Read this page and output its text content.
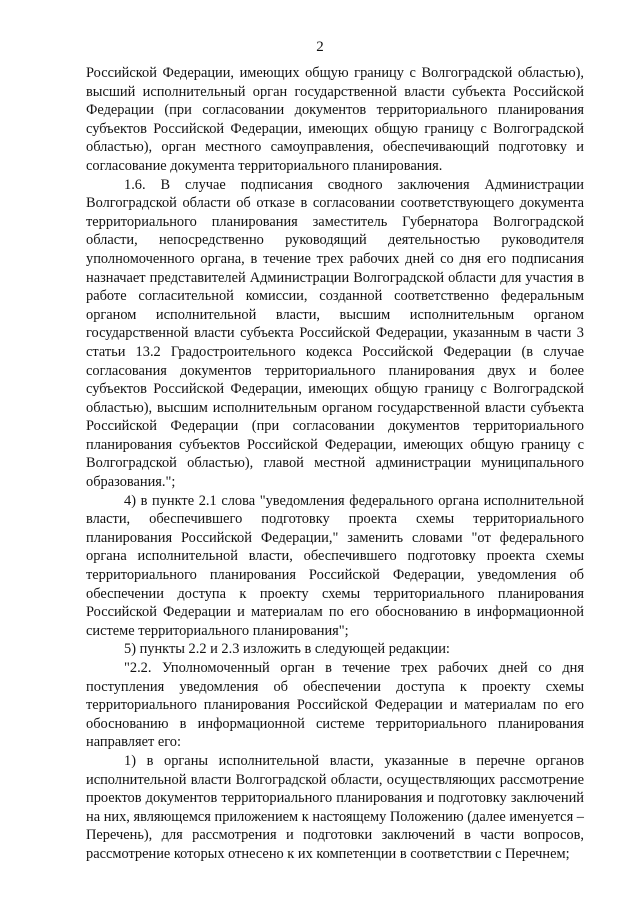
2

Российской Федерации, имеющих общую границу с Волгоградской областью), высший исполнительный орган государственной власти субъекта Российской Федерации (при согласовании документов территориального планирования субъектов Российской Федерации, имеющих общую границу с Волгоградской областью), орган местного самоуправления, обеспечивающий подготовку и согласование документа территориального планирования.

1.6. В случае подписания сводного заключения Администрации Волгоградской области об отказе в согласовании соответствующего документа территориального планирования заместитель Губернатора Волгоградской области, непосредственно руководящий деятельностью руководителя уполномоченного органа, в течение трех рабочих дней со дня его подписания назначает представителей Администрации Волгоградской области для участия в работе согласительной комиссии, созданной соответственно федеральным органом исполнительной власти, высшим исполнительным органом государственной власти субъекта Российской Федерации, указанным в части 3 статьи 13.2 Градостроительного кодекса Российской Федерации (в случае согласования документов территориального планирования двух и более субъектов Российской Федерации, имеющих общую границу с Волгоградской областью), высшим исполнительным органом государственной власти субъекта Российской Федерации (при согласовании документов территориального планирования субъектов Российской Федерации, имеющих общую границу с Волгоградской областью), главой местной администрации муниципального образования.";

4) в пункте 2.1 слова "уведомления федерального органа исполнительной власти, обеспечившего подготовку проекта схемы территориального планирования Российской Федерации," заменить словами "от федерального органа исполнительной власти, обеспечившего подготовку проекта схемы территориального планирования Российской Федерации, уведомления об обеспечении доступа к проекту схемы территориального планирования Российской Федерации и материалам по его обоснованию в информационной системе территориального планирования";

5) пункты 2.2 и 2.3 изложить в следующей редакции:

"2.2. Уполномоченный орган в течение трех рабочих дней со дня поступления уведомления об обеспечении доступа к проекту схемы территориального планирования Российской Федерации и материалам по его обоснованию в информационной системе территориального планирования направляет его:

1) в органы исполнительной власти, указанные в перечне органов исполнительной власти Волгоградской области, осуществляющих рассмотрение проектов документов территориального планирования и подготовку заключений на них, являющемся приложением к настоящему Положению (далее именуется – Перечень), для рассмотрения и подготовки заключений в части вопросов, рассмотрение которых отнесено к их компетенции в соответствии с Перечнем;
